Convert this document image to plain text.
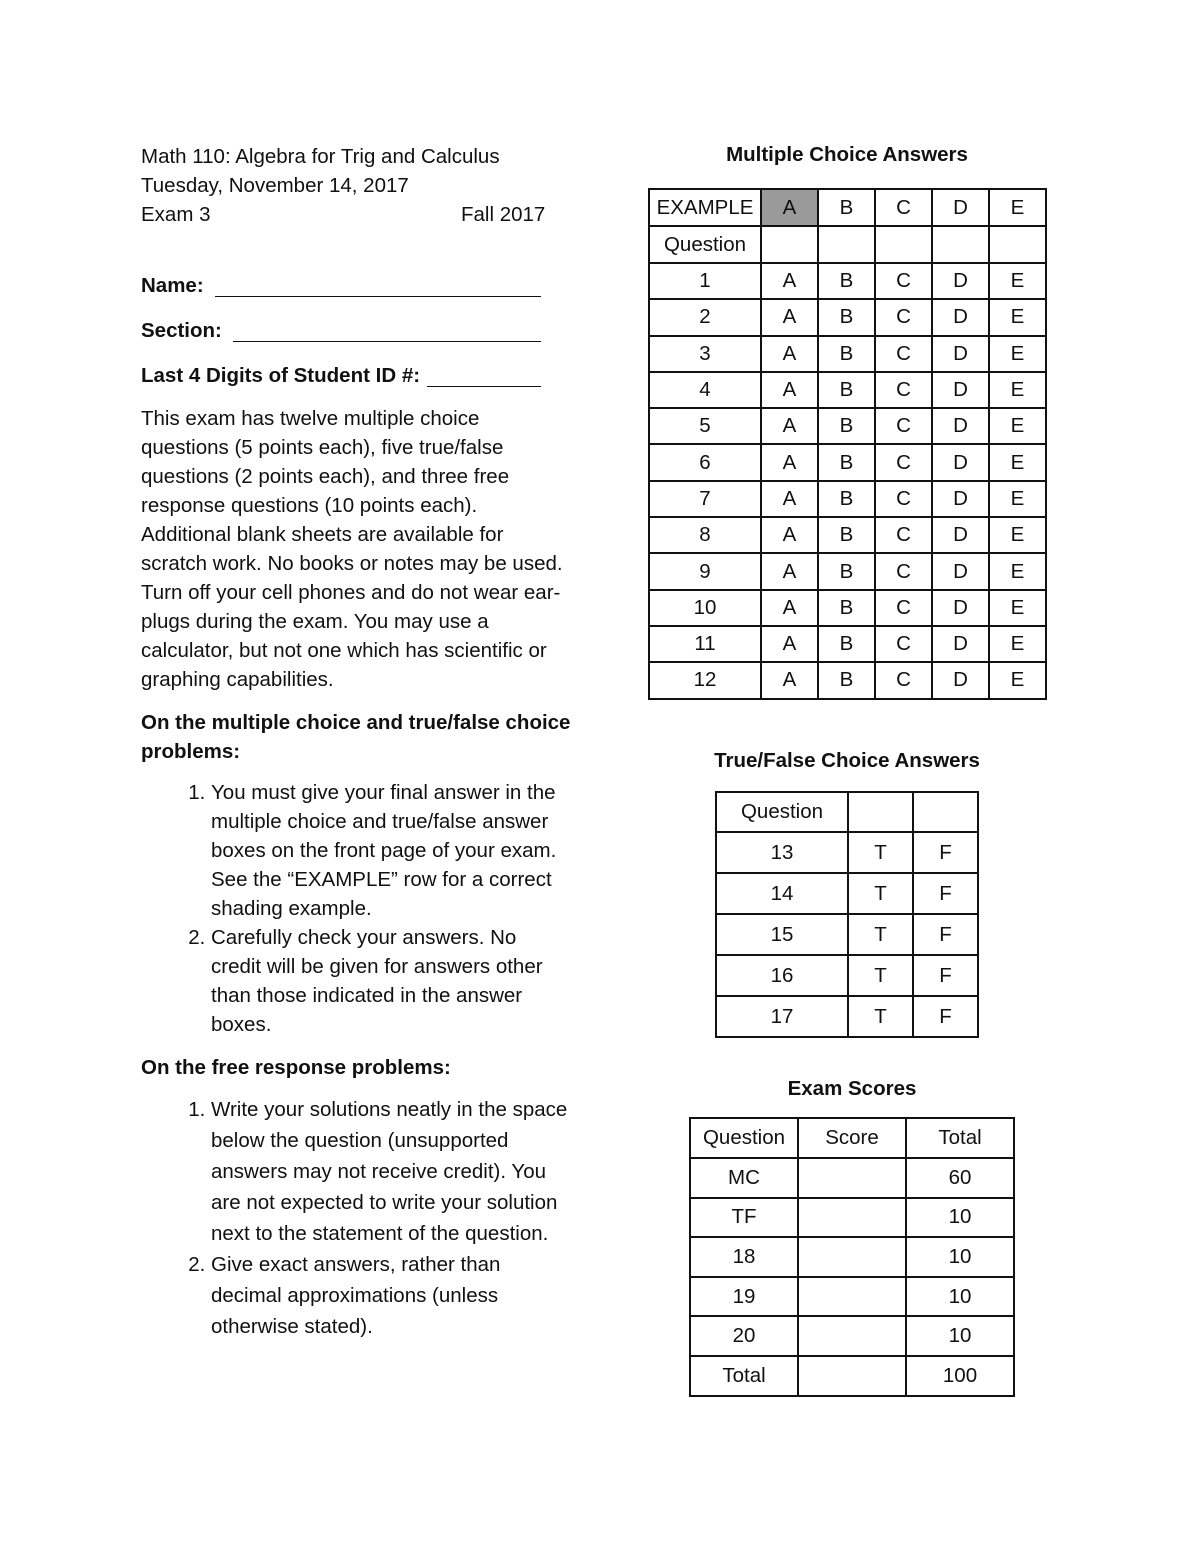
Math 110: Algebra for Trig and Calculus
Tuesday, November 14, 2017
Exam 3	Fall 2017
Name:
Section:
Last 4 Digits of Student ID #:
This exam has twelve multiple choice questions (5 points each), five true/false questions (2 points each), and three free response questions (10 points each). Additional blank sheets are available for scratch work. No books or notes may be used. Turn off your cell phones and do not wear ear-plugs during the exam. You may use a calculator, but not one which has scientific or graphing capabilities.
On the multiple choice and true/false choice problems:
1. You must give your final answer in the multiple choice and true/false answer boxes on the front page of your exam. See the “EXAMPLE” row for a correct shading example.
2. Carefully check your answers. No credit will be given for answers other than those indicated in the answer boxes.
On the free response problems:
1. Write your solutions neatly in the space below the question (unsupported answers may not receive credit). You are not expected to write your solution next to the statement of the question.
2. Give exact answers, rather than decimal approximations (unless otherwise stated).
Multiple Choice Answers
EXAMPLE	A	B	C	D	E
Question					
1	A	B	C	D	E
2	A	B	C	D	E
3	A	B	C	D	E
4	A	B	C	D	E
5	A	B	C	D	E
6	A	B	C	D	E
7	A	B	C	D	E
8	A	B	C	D	E
9	A	B	C	D	E
10	A	B	C	D	E
11	A	B	C	D	E
12	A	B	C	D	E
True/False Choice Answers
Question		
13	T	F
14	T	F
15	T	F
16	T	F
17	T	F
Exam Scores
Question	Score	Total
MC		60
TF		10
18		10
19		10
20		10
Total		100
